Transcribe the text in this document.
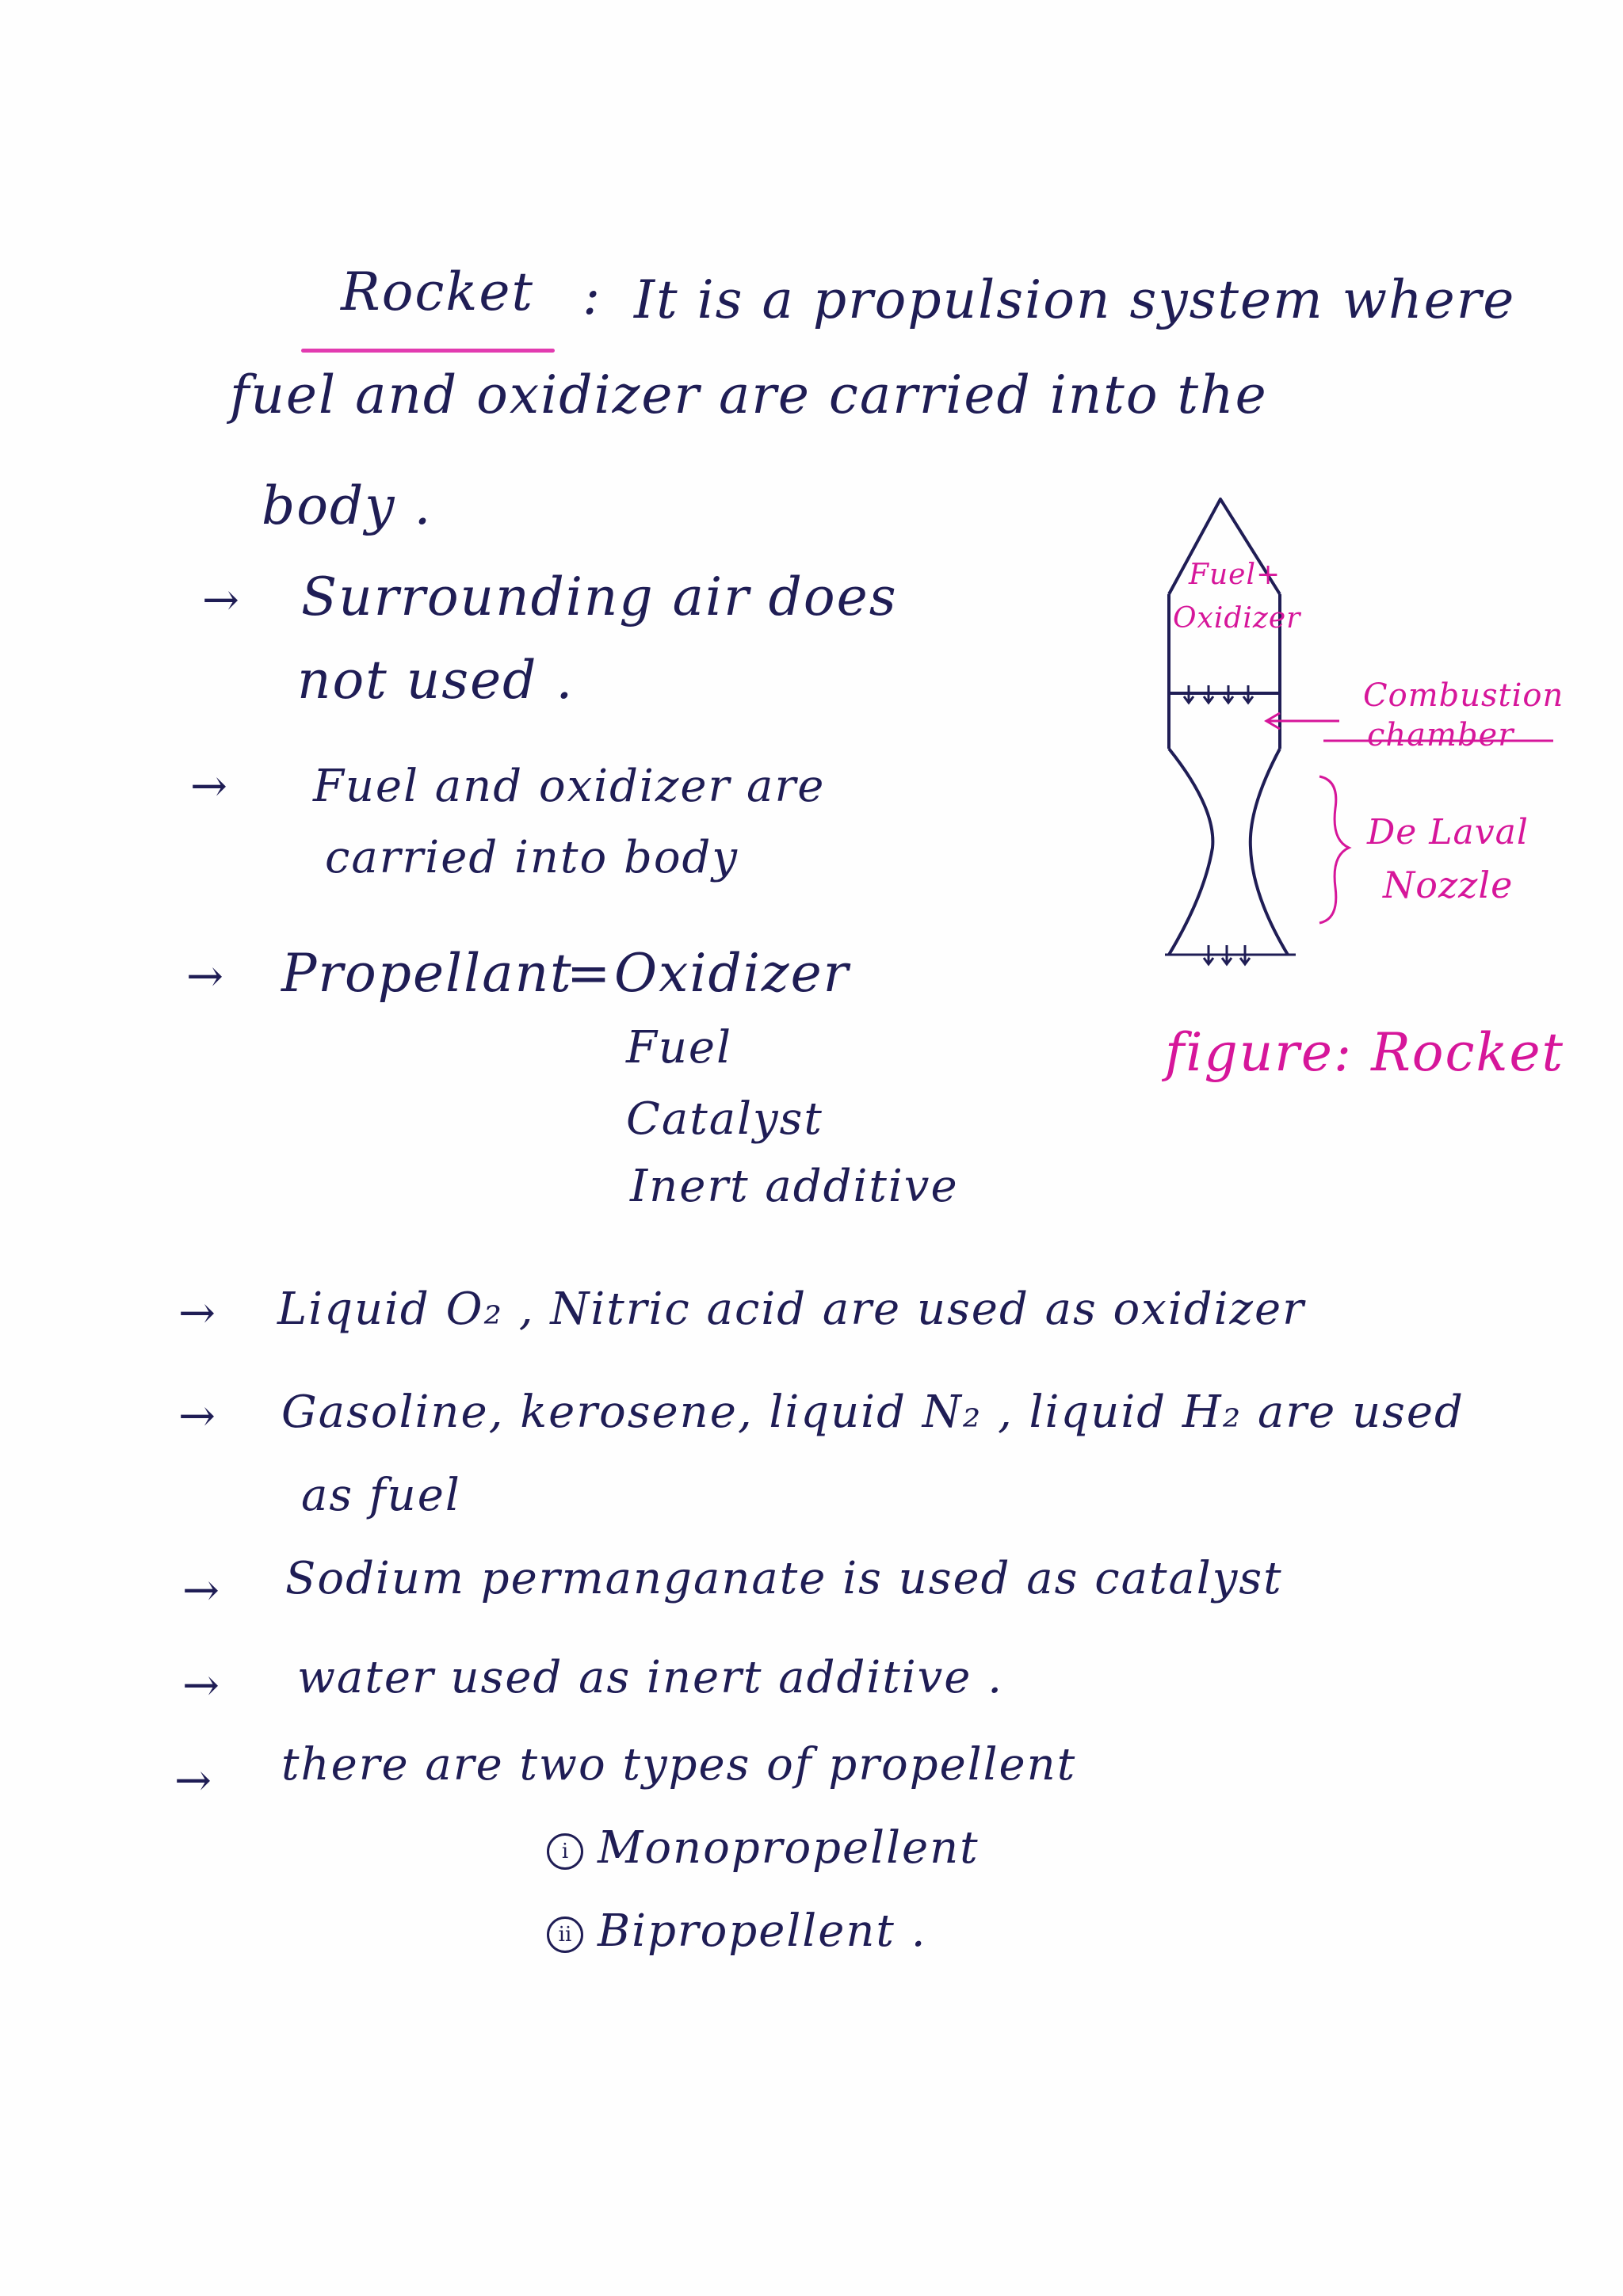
Rocket : It is a propulsion system where
fuel and oxidizer are carried into the
body .
→ Surrounding air does
not used .
→ Fuel and oxidizer are
carried into body
→ Propellant
= Oxidizer
Fuel
Catalyst
Inert additive
Fuel+
Oxidizer
Combustion
chamber
De Laval
Nozzle
figure: Rocket
→ Liquid O₂ , Nitric acid are used as oxidizer
→ Gasoline, kerosene, liquid N₂ , liquid H₂ are used
as fuel
→ Sodium permanganate is used as catalyst
→ water used as inert additive .
→ there are two types of propellent
i Monopropellent
ii Bipropellent .
